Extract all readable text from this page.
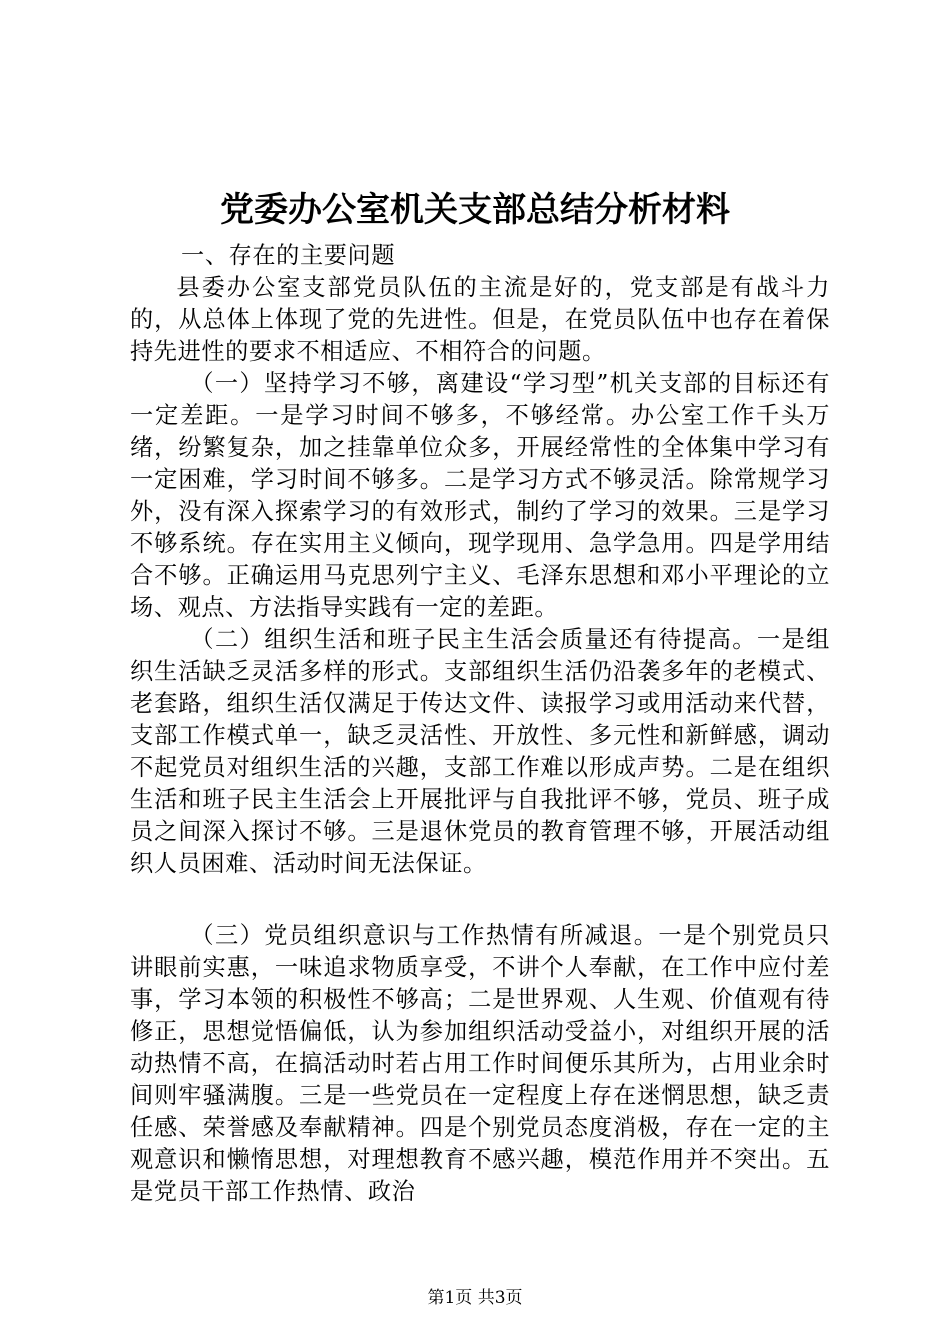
党委办公室机关支部总结分析材料

一、存在的主要问题

县委办公室支部党员队伍的主流是好的，党支部是有战斗力的，从总体上体现了党的先进性。但是，在党员队伍中也存在着保持先进性的要求不相适应、不相符合的问题。

（一）坚持学习不够，离建设“学习型”机关支部的目标还有一定差距。一是学习时间不够多，不够经常。办公室工作千头万绪，纷繁复杂，加之挂靠单位众多，开展经常性的全体集中学习有一定困难，学习时间不够多。二是学习方式不够灵活。除常规学习外，没有深入探索学习的有效形式，制约了学习的效果。三是学习不够系统。存在实用主义倾向，现学现用、急学急用。四是学用结合不够。正确运用马克思列宁主义、毛泽东思想和邓小平理论的立场、观点、方法指导实践有一定的差距。

（二）组织生活和班子民主生活会质量还有待提高。一是组织生活缺乏灵活多样的形式。支部组织生活仍沿袭多年的老模式、老套路，组织生活仅满足于传达文件、读报学习或用活动来代替，支部工作模式单一，缺乏灵活性、开放性、多元性和新鲜感，调动不起党员对组织生活的兴趣，支部工作难以形成声势。二是在组织生活和班子民主生活会上开展批评与自我批评不够，党员、班子成员之间深入探讨不够。三是退休党员的教育管理不够，开展活动组织人员困难、活动时间无法保证。

（三）党员组织意识与工作热情有所减退。一是个别党员只讲眼前实惠，一味追求物质享受，不讲个人奉献，在工作中应付差事，学习本领的积极性不够高；二是世界观、人生观、价值观有待修正，思想觉悟偏低，认为参加组织活动受益小，对组织开展的活动热情不高，在搞活动时若占用工作时间便乐其所为，占用业余时间则牢骚满腹。三是一些党员在一定程度上存在迷惘思想，缺乏责任感、荣誉感及奉献精神。四是个别党员态度消极，存在一定的主观意识和懒惰思想，对理想教育不感兴趣，模范作用并不突出。五是党员干部工作热情、政治

第1页 共3页
